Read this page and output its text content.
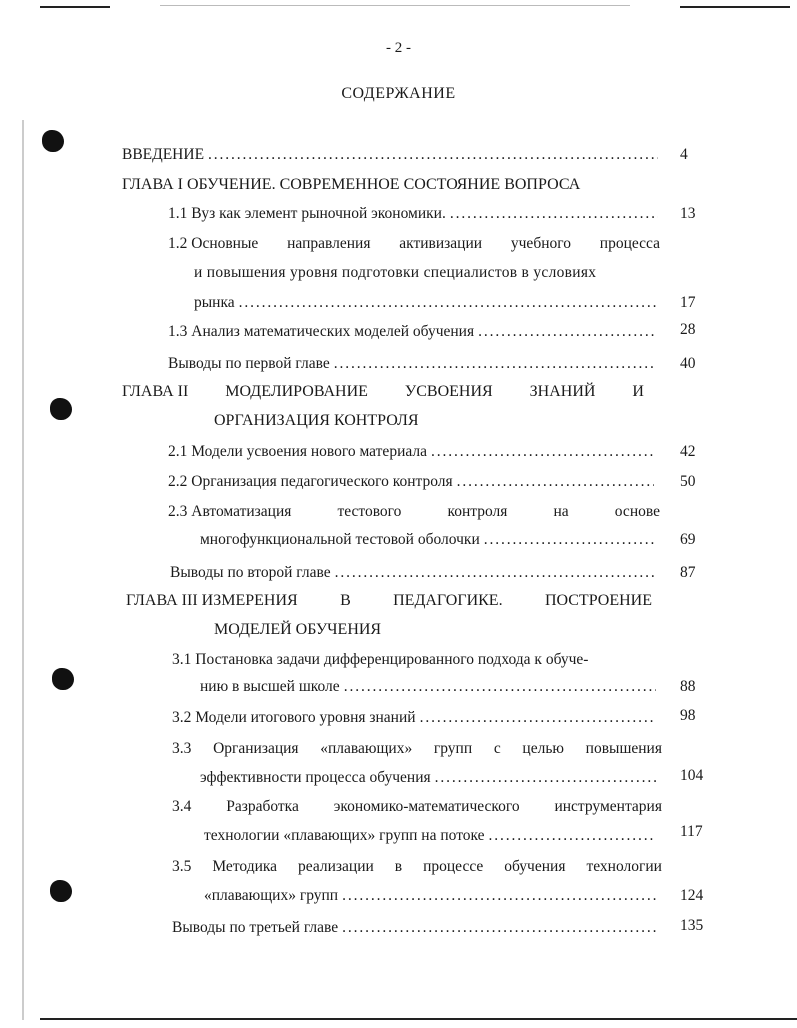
- 2 -
СОДЕРЖАНИЕ
ВВЕДЕНИЕ . . .	4
ГЛАВА I ОБУЧЕНИЕ. СОВРЕМЕННОЕ СОСТОЯНИЕ ВОПРОСА
1.1 Вуз как элемент рыночной экономики. . . .	13
1.2 Основные направления активизации учебного процесса
и повышения уровня подготовки специалистов в условиях
рынка . . .	17
1.3 Анализ математических моделей обучения . . .	28
Выводы по первой главе . . .	40
ГЛАВА II МОДЕЛИРОВАНИЕ УСВОЕНИЯ ЗНАНИЙ И
ОРГАНИЗАЦИЯ КОНТРОЛЯ
2.1 Модели усвоения нового материала . . .	42
2.2 Организация педагогического контроля . . .	50
2.3 Автоматизация	тестового	контроля	на	основе
многофункциональной тестовой оболочки . . .	69
Выводы по второй главе . . .	87
ГЛАВА III ИЗМЕРЕНИЯ	В	ПЕДАГОГИКЕ.	ПОСТРОЕНИЕ
МОДЕЛЕЙ ОБУЧЕНИЯ
3.1 Постановка задачи дифференцированного подхода к обуче-
нию в высшей школе . . .	88
3.2 Модели итогового уровня знаний . . .	98
3.3 Организация «плавающих» групп с целью повышения
эффективности процесса обучения . . .	104
3.4 Разработка экономико-математического инструментария
технологии «плавающих» групп на потоке . . .	117
3.5 Методика реализации в процессе обучения технологии
«плавающих» групп . . .	124
Выводы по третьей главе . . .	135
